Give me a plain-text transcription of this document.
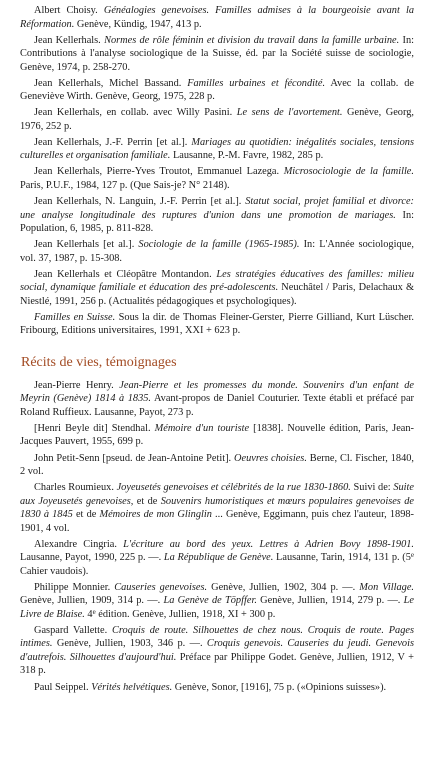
Albert Choisy. Généalogies genevoises. Familles admises à la bourgeoisie avant la Réformation. Genève, Kündig, 1947, 413 p.

Jean Kellerhals. Normes de rôle féminin et division du travail dans la famille urbaine. In: Contributions à l'analyse sociologique de la Suisse, éd. par la Société suisse de sociologie, Genève, 1974, p. 258-270.

Jean Kellerhals, Michel Bassand. Familles urbaines et fécondité. Avec la collab. de Geneviève Wirth. Genève, Georg, 1975, 228 p.

Jean Kellerhals, en collab. avec Willy Pasini. Le sens de l'avortement. Genève, Georg, 1976, 252 p.

Jean Kellerhals, J.-F. Perrin [et al.]. Mariages au quotidien: inégalités sociales, tensions culturelles et organisation familiale. Lausanne, P.-M. Favre, 1982, 285 p.

Jean Kellerhals, Pierre-Yves Troutot, Emmanuel Lazega. Microsociologie de la famille. Paris, P.U.F., 1984, 127 p. (Que Sais-je? N° 2148).

Jean Kellerhals, N. Languin, J.-F. Perrin [et al.]. Statut social, projet familial et divorce: une analyse longitudinale des ruptures d'union dans une promotion de mariages. In: Population, 6, 1985, p. 811-828.

Jean Kellerhals [et al.]. Sociologie de la famille (1965-1985). In: L'Année sociologique, vol. 37, 1987, p. 15-308.

Jean Kellerhals et Cléopâtre Montandon. Les stratégies éducatives des familles: milieu social, dynamique familiale et éducation des pré-adolescents. Neuchâtel / Paris, Delachaux & Niestlé, 1991, 256 p. (Actualités pédagogiques et psychologiques).

Familles en Suisse. Sous la dir. de Thomas Fleiner-Gerster, Pierre Gilliand, Kurt Lüscher. Fribourg, Editions universitaires, 1991, XXI + 623 p.

Récits de vies, témoignages

Jean-Pierre Henry. Jean-Pierre et les promesses du monde. Souvenirs d'un enfant de Meyrin (Genève) 1814 à 1835. Avant-propos de Daniel Couturier. Texte établi et préfacé par Roland Ruffieux. Lausanne, Payot, 273 p.

[Henri Beyle dit] Stendhal. Mémoire d'un touriste [1838]. Nouvelle édition, Paris, Jean-Jacques Pauvert, 1955, 699 p.

John Petit-Senn [pseud. de Jean-Antoine Petit]. Oeuvres choisies. Berne, Cl. Fischer, 1840, 2 vol.

Charles Roumieux. Joyeusetés genevoises et célébrités de la rue 1830-1860. Suivi de: Suite aux Joyeusetés genevoises, et de Souvenirs humoristiques et mœurs populaires genevoises de 1830 à 1845 et de Mémoires de mon Glinglin ... Genève, Eggimann, puis chez l'auteur, 1898-1901, 4 vol.

Alexandre Cingria. L'écriture au bord des yeux. Lettres à Adrien Bovy 1898-1901. Lausanne, Payot, 1990, 225 p. —. La République de Genève. Lausanne, Tarin, 1914, 131 p. (5e Cahier vaudois).

Philippe Monnier. Causeries genevoises. Genève, Jullien, 1902, 304 p. —. Mon Village. Genève, Jullien, 1909, 314 p. —. La Genève de Töpffer. Genève, Jullien, 1914, 279 p. —. Le Livre de Blaise. 4e édition. Genève, Jullien, 1918, XI + 300 p.

Gaspard Vallette. Croquis de route. Silhouettes de chez nous. Croquis de route. Pages intimes. Genève, Jullien, 1903, 346 p. —. Croquis genevois. Causeries du jeudi. Genevois d'autrefois. Silhouettes d'aujourd'hui. Préface par Philippe Godet. Genève, Jullien, 1912, V + 318 p.

Paul Seippel. Vérités helvétiques. Genève, Sonor, [1916], 75 p. («Opinions suisses»).
